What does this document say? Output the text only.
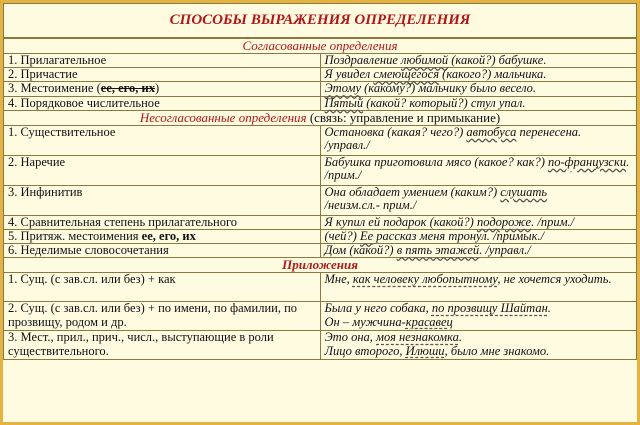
СПОСОБЫ ВЫРАЖЕНИЯ ОПРЕДЕЛЕНИЯ	
Согласованные определения	
1. Прилагательное	Поздравление любимой (какой?) бабушке.
2. Причастие	Я увидел смеющегося (какого?) мальчика.
3. Местоимение (ее, его, их)	Этому (какому?) мальчику было весело.
4. Порядковое числительное	Пятый (какой? который?) стул упал.
Несогласованные определения (связь: управление и примыкание)	
1. Существительное	Остановка (какая? чего?) автобуса перенесена.
/управл./
2. Наречие	Бабушка приготовила мясо (какое? как?) по-французски. /прим./
3. Инфинитив	Она обладает умением (каким?) слушать
/неизм.сл.- прим./
4. Сравнительная степень прилагательного	Я купил ей подарок (какой?) подороже. /прим./
5. Притяж. местоимения ее, его, их	(чей?) Ее рассказ меня тронул. /примык./
6. Неделимые словосочетания	Дом (какой?) в пять этажей. /управл./
Приложения	
1. Сущ. (с зав.сл. или без) + как	Мне, как человеку любопытному, не хочется уходить.
2. Сущ. (с зав.сл. или без) + по имени, по фамилии, по прозвищу, родом и др.	Была у него собака, по прозвищу Шайтан.
Он – мужчина-красавец
3. Мест., прил., прич., числ., выступающие в роли существительного.	Это она, моя незнакомка.
Лицо второго, Илюши, было мне знакомо.
